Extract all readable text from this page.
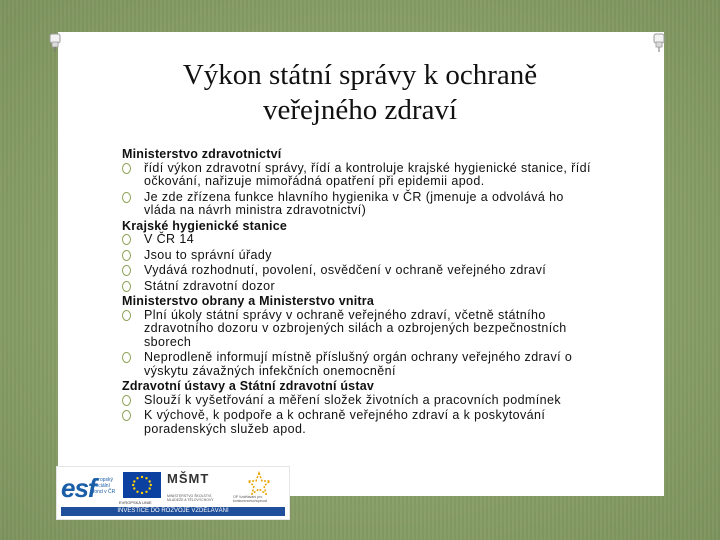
Výkon státní správy k ochraně
veřejného zdraví

Ministerstvo zdravotnictví

řídí výkon zdravotní správy, řídí a kontroluje krajské hygienické stanice, řídí očkování, nařizuje mimořádná opatření při epidemii apod.
Je zde zřízena funkce hlavního hygienika v ČR (jmenuje a odvolává ho vláda na návrh ministra zdravotnictví)

Krajské hygienické stanice

V ČR 14
Jsou to správní úřady
Vydává rozhodnutí, povolení, osvědčení v ochraně veřejného zdraví
Státní zdravotní dozor

Ministerstvo obrany a Ministerstvo vnitra

Plní úkoly státní správy v ochraně veřejného zdraví, včetně státního zdravotního dozoru v ozbrojených silách a ozbrojených bezpečnostních sborech
Neprodleně informují místně příslušný orgán ochrany veřejného zdraví o výskytu závažných infekčních onemocnění

Zdravotní ústavy a Státní zdravotní ústav

Slouží k vyšetřování a měření složek životních a pracovních podmínek
K výchově, k podpoře a k ochraně veřejného zdraví a k poskytování poradenských služeb apod.
esf
evropský sociální fond v ČR
EVROPSKÁ UNIE
MŠMT
MINISTERSTVO ŠKOLSTVÍ, MLÁDEŽE A TĚLOVÝCHOVY
OP Vzdělávání pro konkurenceschopnost
INVESTICE DO ROZVOJE VZDĚLÁVÁNÍ
